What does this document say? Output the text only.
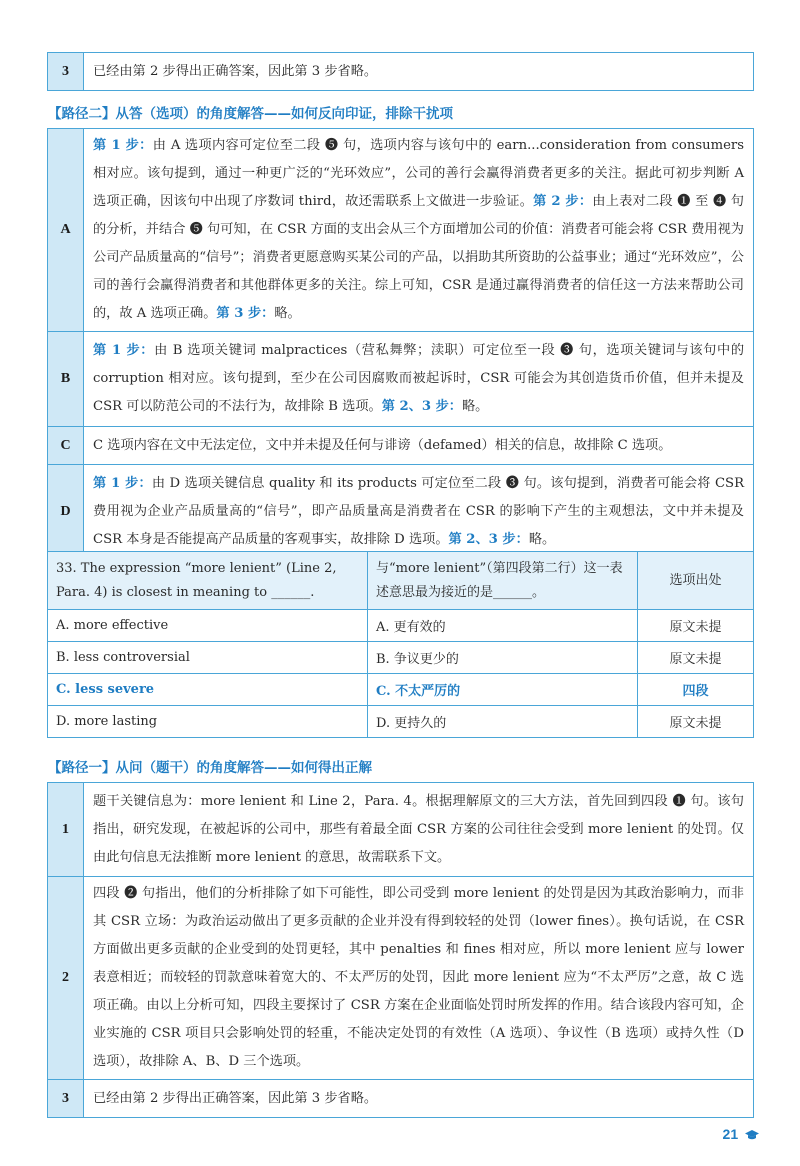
3	已经由第 2 步得出正确答案，因此第 3 步省略。
【路径二】从答（选项）的角度解答——如何反向印证，排除干扰项
A	第 1 步：由 A 选项内容可定位至二段 ❺ 句，选项内容与该句中的 earn...consideration from consumers 相对应。该句提到，通过一种更广泛的“光环效应”，公司的善行会赢得消费者更多的关注。据此可初步判断 A 选项正确，因该句中出现了序数词 third，故还需联系上文做进一步验证。第 2 步：由上表对二段 ❶ 至 ❹ 句的分析，并结合 ❺ 句可知，在 CSR 方面的支出会从三个方面增加公司的价值：消费者可能会将 CSR 费用视为公司产品质量高的“信号”；消费者更愿意购买某公司的产品，以捐助其所资助的公益事业；通过“光环效应”，公司的善行会赢得消费者和其他群体更多的关注。综上可知，CSR 是通过赢得消费者的信任这一方法来帮助公司的，故 A 选项正确。第 3 步：略。
B	第 1 步：由 B 选项关键词 malpractices（营私舞弊；渎职）可定位至一段 ❸ 句，选项关键词与该句中的 corruption 相对应。该句提到，至少在公司因腐败而被起诉时，CSR 可能会为其创造货币价值，但并未提及 CSR 可以防范公司的不法行为，故排除 B 选项。第 2、3 步：略。
C	C 选项内容在文中无法定位，文中并未提及任何与诽谤（defamed）相关的信息，故排除 C 选项。
D	第 1 步：由 D 选项关键信息 quality 和 its products 可定位至二段 ❸ 句。该句提到，消费者可能会将 CSR 费用视为企业产品质量高的“信号”，即产品质量高是消费者在 CSR 的影响下产生的主观想法，文中并未提及 CSR 本身是否能提高产品质量的客观事实，故排除 D 选项。第 2、3 步：略。
33. The expression “more lenient” (Line 2, Para. 4) is closest in meaning to ______.	与“more lenient”（第四段第二行）这一表述意思最为接近的是______。	选项出处
A. more effective	A. 更有效的	原文未提
B. less controversial	B. 争议更少的	原文未提
C. less severe	C. 不太严厉的	四段
D. more lasting	D. 更持久的	原文未提
【路径一】从问（题干）的角度解答——如何得出正解
1	题干关键信息为：more lenient 和 Line 2，Para. 4。根据理解原文的三大方法，首先回到四段 ❶ 句。该句指出，研究发现，在被起诉的公司中，那些有着最全面 CSR 方案的公司往往会受到 more lenient 的处罚。仅由此句信息无法推断 more lenient 的意思，故需联系下文。
2	四段 ❷ 句指出，他们的分析排除了如下可能性，即公司受到 more lenient 的处罚是因为其政治影响力，而非其 CSR 立场：为政治运动做出了更多贡献的企业并没有得到较轻的处罚（lower fines）。换句话说，在 CSR 方面做出更多贡献的企业受到的处罚更轻，其中 penalties 和 fines 相对应，所以 more lenient 应与 lower 表意相近；而较轻的罚款意味着宽大的、不太严厉的处罚，因此 more lenient 应为“不太严厉”之意，故 C 选项正确。由以上分析可知，四段主要探讨了 CSR 方案在企业面临处罚时所发挥的作用。结合该段内容可知，企业实施的 CSR 项目只会影响处罚的轻重，不能决定处罚的有效性（A 选项）、争议性（B 选项）或持久性（D 选项），故排除 A、B、D 三个选项。
3	已经由第 2 步得出正确答案，因此第 3 步省略。
21
